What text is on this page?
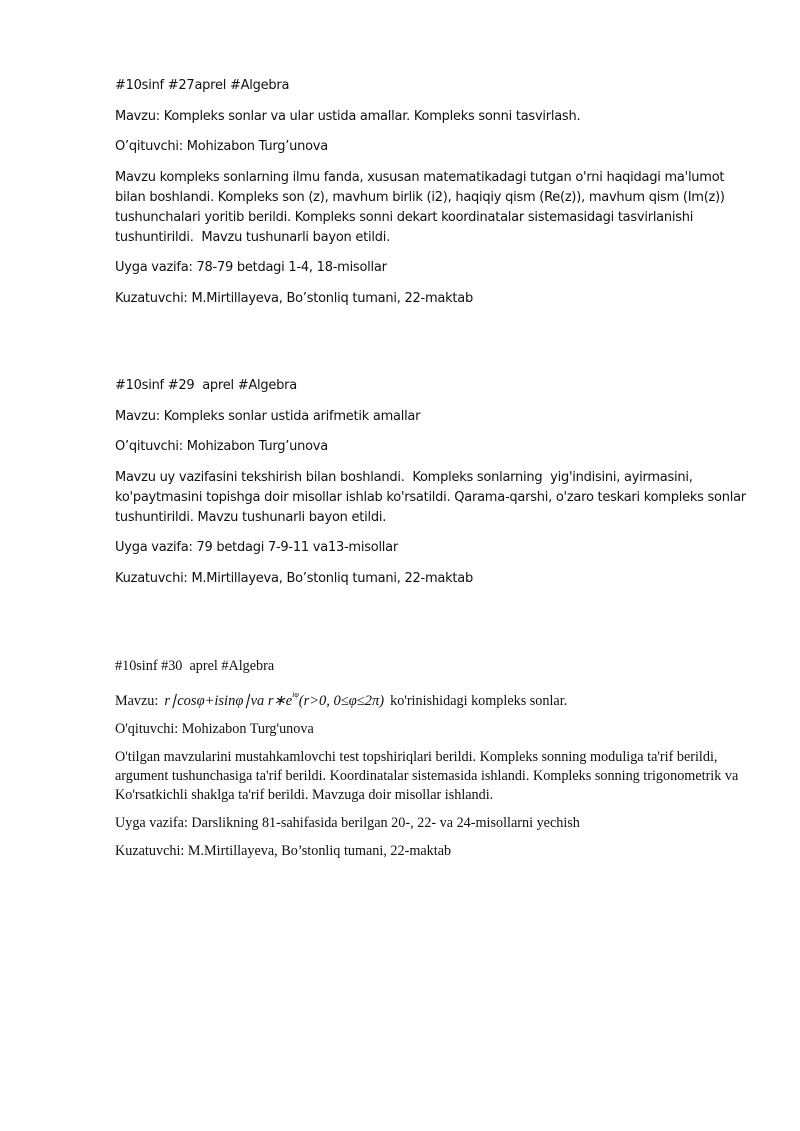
#10sinf #27aprel #Algebra

Mavzu: Kompleks sonlar va ular ustida amallar. Kompleks sonni tasvirlash.

O’qituvchi: Mohizabon Turg’unova

Mavzu kompleks sonlarning ilmu fanda, xususan matematikadagi tutgan o'rni haqidagi ma'lumot bilan boshlandi. Kompleks son (z), mavhum birlik (i2), haqiqiy qism (Re(z)), mavhum qism (Im(z)) tushunchalari yoritib berildi. Kompleks sonni dekart koordinatalar sistemasidagi tasvirlanishi tushuntirildi.  Mavzu tushunarli bayon etildi.

Uyga vazifa: 78-79 betdagi 1-4, 18-misollar

Kuzatuvchi: M.Mirtillayeva, Bo’stonliq tumani, 22-maktab

#10sinf #29  aprel #Algebra

Mavzu: Kompleks sonlar ustida arifmetik amallar

O’qituvchi: Mohizabon Turg’unova

Mavzu uy vazifasini tekshirish bilan boshlandi.  Kompleks sonlarning  yig'indisini, ayirmasini, ko'paytmasini topishga doir misollar ishlab ko'rsatildi. Qarama-qarshi, o'zaro teskari kompleks sonlar tushuntirildi. Mavzu tushunarli bayon etildi.

Uyga vazifa: 79 betdagi 7-9-11 va13-misollar

Kuzatuvchi: M.Mirtillayeva, Bo’stonliq tumani, 22-maktab

#10sinf #30  aprel #Algebra

Mavzu: r∣cosφ+isinφ∣va $r∗e^{i\varphi}(r>0$, 0≤φ≤2π) ko'rinishidagi kompleks sonlar.

O'qituvchi: Mohizabon Turg'unova

O'tilgan mavzularini mustahkamlovchi test topshiriqlari berildi. Kompleks sonning moduliga ta'rif berildi, argument tushunchasiga ta'rif berildi. Koordinatalar sistemasida ishlandi. Kompleks sonning trigonometrik va Ko'rsatkichli shaklga ta'rif berildi. Mavzuga doir misollar ishlandi.

Uyga vazifa: Darslikning 81-sahifasida berilgan 20-, 22- va 24-misollarni yechish

Kuzatuvchi: M.Mirtillayeva, Bo’stonliq tumani, 22-maktab
